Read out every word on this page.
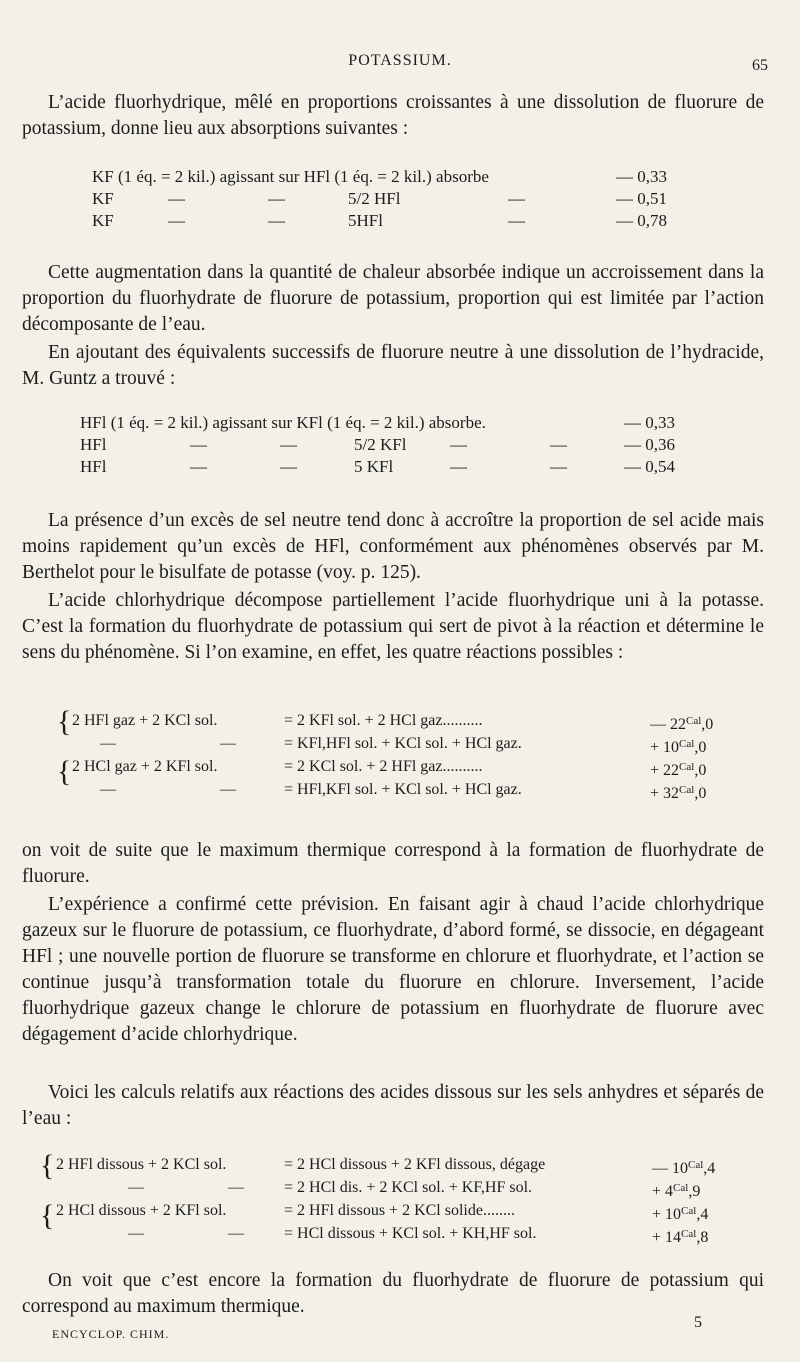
POTASSIUM.	65

L’acide fluorhydrique, mêlé en proportions croissantes à une dissolution de fluorure de potassium, donne lieu aux absorptions suivantes :

KF (1 éq. = 2 kil.) agissant sur HFl (1 éq. = 2 kil.) absorbe	— 0,33
KF	—	—	5/2 HFl	—	— 0,51
KF	—	—	5HFl	—	— 0,78

Cette augmentation dans la quantité de chaleur absorbée indique un accroissement dans la proportion du fluorhydrate de fluorure de potassium, proportion qui est limitée par l’action décomposante de l’eau.

En ajoutant des équivalents successifs de fluorure neutre à une dissolution de l’hydracide, M. Guntz a trouvé :

HFl (1 éq. = 2 kil.) agissant sur KFl (1 éq. = 2 kil.) absorbe.	— 0,33
HFl	—	—	5/2 KFl	—	—	— 0,36
HFl	—	—	5 KFl	—	—	— 0,54

La présence d’un excès de sel neutre tend donc à accroître la proportion de sel acide mais moins rapidement qu’un excès de HFl, conformément aux phénomènes observés par M. Berthelot pour le bisulfate de potasse (voy. p. 125).

L’acide chlorhydrique décompose partiellement l’acide fluorhydrique uni à la potasse. C’est la formation du fluorhydrate de potassium qui sert de pivot à la réaction et détermine le sens du phénomène. Si l’on examine, en effet, les quatre réactions possibles :

{
{
2 HFl gaz + 2 KCl sol.	= 2 KFl sol. + 2 HCl gaz..........	— $22^{Cal},0$
—	—	= KFl,HFl sol. + KCl sol. + HCl gaz.	+ $10^{Cal},0$
2 HCl gaz + 2 KFl sol.	= 2 KCl sol. + 2 HFl gaz..........	+ $22^{Cal},0$
—	—	= HFl,KFl sol. + KCl sol. + HCl gaz.	+ $32^{Cal},0$

on voit de suite que le maximum thermique correspond à la formation de fluorhydrate de fluorure.

L’expérience a confirmé cette prévision. En faisant agir à chaud l’acide chlorhydrique gazeux sur le fluorure de potassium, ce fluorhydrate, d’abord formé, se dissocie, en dégageant HFl ; une nouvelle portion de fluorure se transforme en chlorure et fluorhydrate, et l’action se continue jusqu’à transformation totale du fluorure en chlorure. Inversement, l’acide fluorhydrique gazeux change le chlorure de potassium en fluorhydrate de fluorure avec dégagement d’acide chlorhydrique.

Voici les calculs relatifs aux réactions des acides dissous sur les sels anhydres et séparés de l’eau :

{
{
2 HFl dissous + 2 KCl sol.	= 2 HCl dissous + 2 KFl dissous, dégage	— $10^{Cal},4$
—	—	= 2 HCl dis. + 2 KCl sol. + KF,HF sol.	+ $4^{Cal},9$
2 HCl dissous + 2 KFl sol.	= 2 HFl dissous + 2 KCl solide........	+ $10^{Cal},4$
—	—	= HCl dissous + KCl sol. + KH,HF sol.	+ $14^{Cal},8$

On voit que c’est encore la formation du fluorhydrate de fluorure de potassium qui correspond au maximum thermique.

ENCYCLOP. CHIM.
5
